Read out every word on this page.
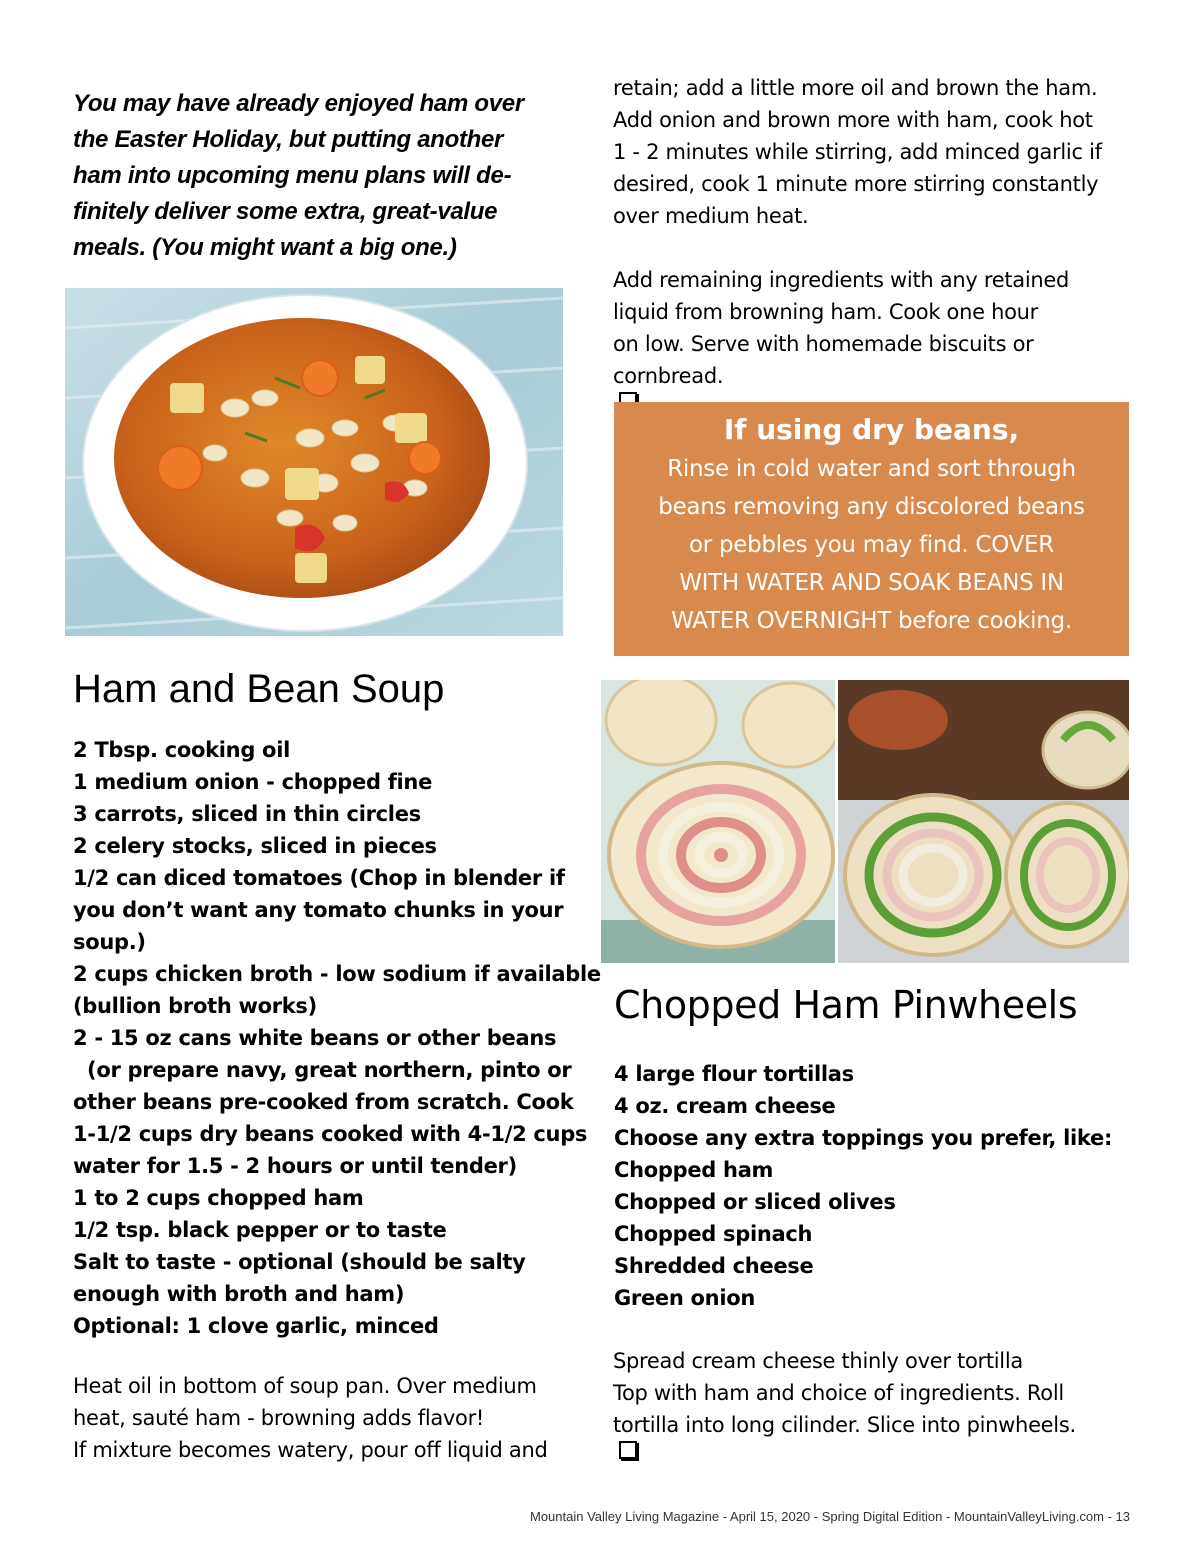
You may have already enjoyed ham over
the Easter Holiday, but putting another
ham into upcoming menu plans will de-
finitely deliver some extra, great-value
meals. (You might want a big one.)
Ham and Bean Soup
2 Tbsp. cooking oil
1 medium onion - chopped fine
3 carrots, sliced in thin circles
2 celery stocks, sliced in pieces
1/2 can diced tomatoes (Chop in blender if
you don’t want any tomato chunks in your
soup.)
2 cups chicken broth - low sodium if available
(bullion broth works)
2 - 15 oz cans white beans or other beans
(or prepare navy, great northern, pinto or
other beans pre-cooked from scratch. Cook
1-1/2 cups dry beans cooked with 4-1/2 cups
water for 1.5 - 2 hours or until tender)
1 to 2 cups chopped ham
1/2 tsp. black pepper or to taste
Salt to taste - optional (should be salty
enough with broth and ham)
Optional: 1 clove garlic, minced

Heat oil in bottom of soup pan. Over medium
heat, sauté ham - browning adds flavor!
If mixture becomes watery, pour off liquid and

retain; add a little more oil and brown the ham.
Add onion and brown more with ham, cook hot
1 - 2 minutes while stirring, add minced garlic if
desired, cook 1 minute more stirring constantly
over medium heat.

Add remaining ingredients with any retained
liquid from browning ham. Cook one hour
on low. Serve with homemade biscuits or
cornbread.

If using dry beans,
Rinse in cold water and sort through
beans removing any discolored beans
or pebbles you may find. COVER
WITH WATER AND SOAK BEANS IN
WATER OVERNIGHT before cooking.
Chopped Ham Pinwheels
4 large flour tortillas
4 oz. cream cheese
Choose any extra toppings you prefer, like:
Chopped ham
Chopped or sliced olives
Chopped spinach
Shredded cheese
Green onion

Spread cream cheese thinly over tortilla
Top with ham and choice of ingredients. Roll
tortilla into long cilinder. Slice into pinwheels.

Mountain Valley Living Magazine - April 15, 2020 - Spring Digital Edition - MountainValleyLiving.com - 13
